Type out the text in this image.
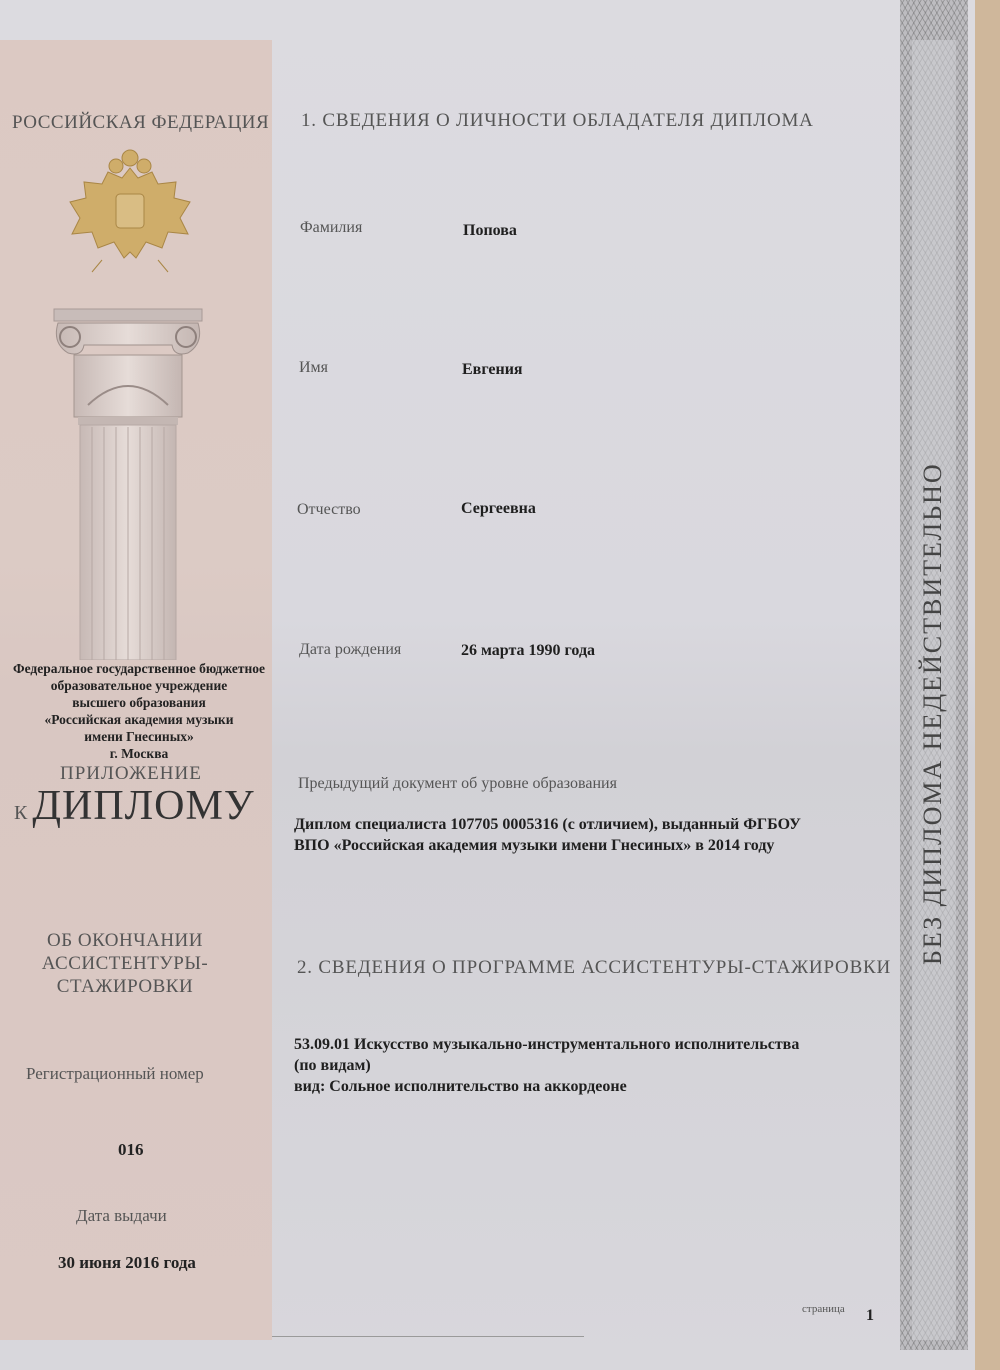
БЕЗ ДИПЛОМА НЕДЕЙСТВИТЕЛЬНО
РОССИЙСКАЯ ФЕДЕРАЦИЯ
Федеральное государственное бюджетное
образовательное учреждение
высшего образования
«Российская академия музыки
имени Гнесиных»
г. Москва
ПРИЛОЖЕНИЕ
КДИПЛОМУ
ОБ ОКОНЧАНИИ
АССИСТЕНТУРЫ-
СТАЖИРОВКИ
Регистрационный номер
016
Дата выдачи
30 июня 2016 года
1. СВЕДЕНИЯ О ЛИЧНОСТИ ОБЛАДАТЕЛЯ ДИПЛОМА
Фамилия	Попова
Имя	Евгения
Отчество	Сергеевна
Дата рождения	26 марта 1990 года
Предыдущий документ об уровне образования
Диплом специалиста 107705 0005316 (с отличием), выданный ФГБОУ
ВПО «Российская академия музыки имени Гнесиных» в 2014 году
2. СВЕДЕНИЯ О ПРОГРАММЕ АССИСТЕНТУРЫ-СТАЖИРОВКИ
53.09.01 Искусство музыкально-инструментального исполнительства
(по видам)
вид: Сольное исполнительство на аккордеоне
страница 1
